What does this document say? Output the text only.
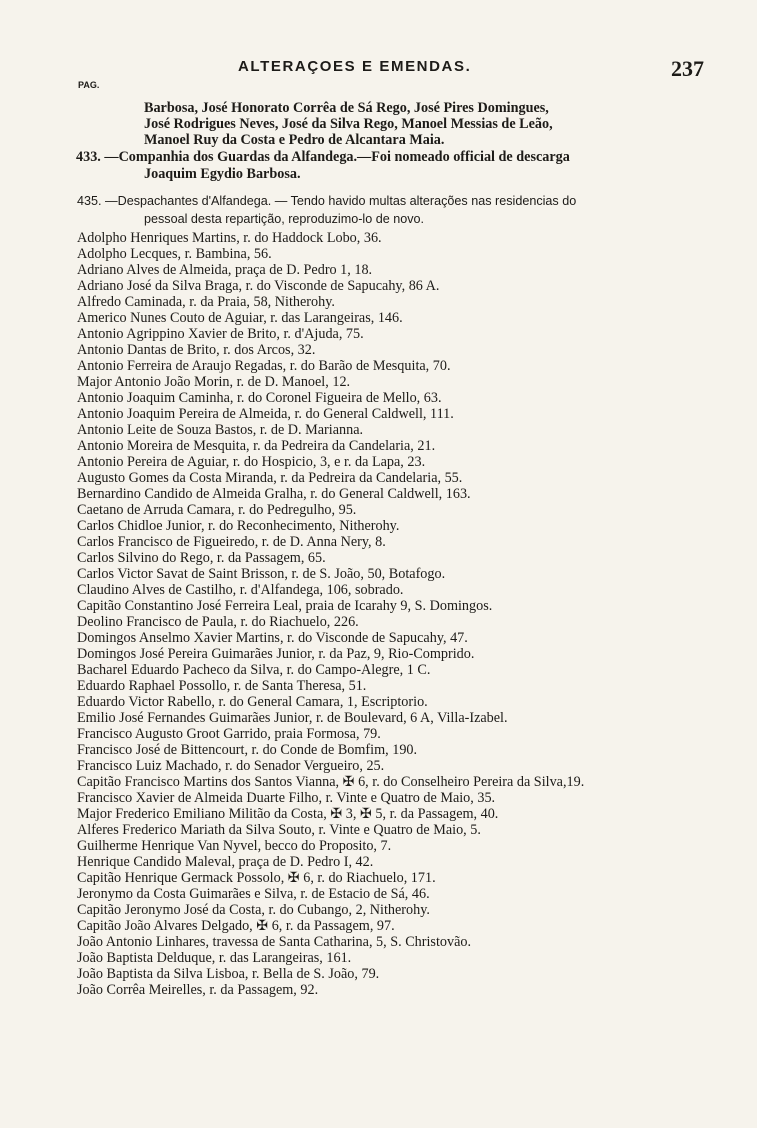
ALTERAÇOES E EMENDAS.	237
PAG.
Barbosa, José Honorato Corrêa de Sá Rego, José Pires Domingues,
José Rodrigues Neves, José da Silva Rego, Manoel Messias de Leão,
Manoel Ruy da Costa e Pedro de Alcantara Maia.
433. —Companhia dos Guardas da Alfandega.—Foi nomeado official de descarga
Joaquim Egydio Barbosa.
435. —Despachantes d'Alfandega. — Tendo havido multas alterações nas residencias do
pessoal desta repartição, reproduzimo-lo de novo.
Adolpho Henriques Martins, r. do Haddock Lobo, 36.
Adolpho Lecques, r. Bambina, 56.
Adriano Alves de Almeida, praça de D. Pedro 1, 18.
Adriano José da Silva Braga, r. do Visconde de Sapucahy, 86 A.
Alfredo Caminada, r. da Praia, 58, Nitherohy.
Americo Nunes Couto de Aguiar, r. das Larangeiras, 146.
Antonio Agrippino Xavier de Brito, r. d'Ajuda, 75.
Antonio Dantas de Brito, r. dos Arcos, 32.
Antonio Ferreira de Araujo Regadas, r. do Barão de Mesquita, 70.
Major Antonio João Morin, r. de D. Manoel, 12.
Antonio Joaquim Caminha, r. do Coronel Figueira de Mello, 63.
Antonio Joaquim Pereira de Almeida, r. do General Caldwell, 111.
Antonio Leite de Souza Bastos, r. de D. Marianna.
Antonio Moreira de Mesquita, r. da Pedreira da Candelaria, 21.
Antonio Pereira de Aguiar, r. do Hospicio, 3, e r. da Lapa, 23.
Augusto Gomes da Costa Miranda, r. da Pedreira da Candelaria, 55.
Bernardino Candido de Almeida Gralha, r. do General Caldwell, 163.
Caetano de Arruda Camara, r. do Pedregulho, 95.
Carlos Chidloe Junior, r. do Reconhecimento, Nitherohy.
Carlos Francisco de Figueiredo, r. de D. Anna Nery, 8.
Carlos Silvino do Rego, r. da Passagem, 65.
Carlos Victor Savat de Saint Brisson, r. de S. João, 50, Botafogo.
Claudino Alves de Castilho, r. d'Alfandega, 106, sobrado.
Capitão Constantino José Ferreira Leal, praia de Icarahy 9, S. Domingos.
Deolino Francisco de Paula, r. do Riachuelo, 226.
Domingos Anselmo Xavier Martins, r. do Visconde de Sapucahy, 47.
Domingos José Pereira Guimarães Junior, r. da Paz, 9, Rio-Comprido.
Bacharel Eduardo Pacheco da Silva, r. do Campo-Alegre, 1 C.
Eduardo Raphael Possollo, r. de Santa Theresa, 51.
Eduardo Victor Rabello, r. do General Camara, 1, Escriptorio.
Emilio José Fernandes Guimarães Junior, r. de Boulevard, 6 A, Villa-Izabel.
Francisco Augusto Groot Garrido, praia Formosa, 79.
Francisco José de Bittencourt, r. do Conde de Bomfim, 190.
Francisco Luiz Machado, r. do Senador Vergueiro, 25.
Capitão Francisco Martins dos Santos Vianna, ✠ 6, r. do Conselheiro Pereira da Silva,19.
Francisco Xavier de Almeida Duarte Filho, r. Vinte e Quatro de Maio, 35.
Major Frederico Emiliano Militão da Costa, ✠ 3, ✠ 5, r. da Passagem, 40.
Alferes Frederico Mariath da Silva Souto, r. Vinte e Quatro de Maio, 5.
Guilherme Henrique Van Nyvel, becco do Proposito, 7.
Henrique Candido Maleval, praça de D. Pedro I, 42.
Capitão Henrique Germack Possolo, ✠ 6, r. do Riachuelo, 171.
Jeronymo da Costa Guimarães e Silva, r. de Estacio de Sá, 46.
Capitão Jeronymo José da Costa, r. do Cubango, 2, Nitherohy.
Capitão João Alvares Delgado, ✠ 6, r. da Passagem, 97.
João Antonio Linhares, travessa de Santa Catharina, 5, S. Christovão.
João Baptista Delduque, r. das Larangeiras, 161.
João Baptista da Silva Lisboa, r. Bella de S. João, 79.
João Corrêa Meirelles, r. da Passagem, 92.
